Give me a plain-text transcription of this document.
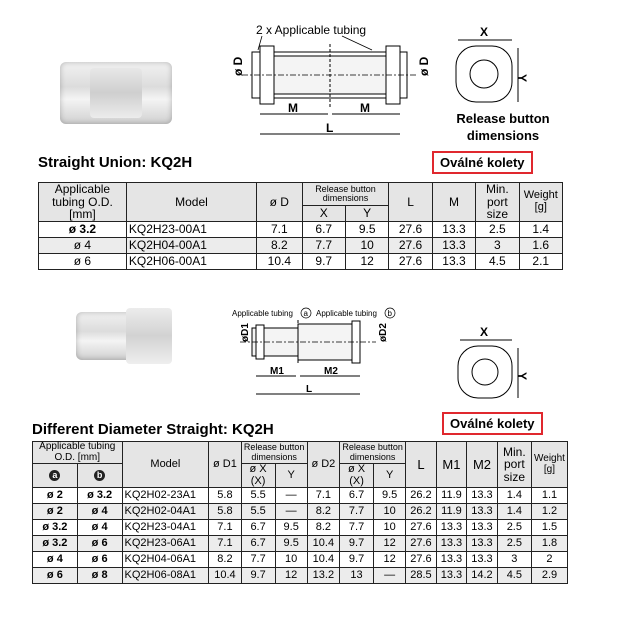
2 x Applicable tubing
ø D	ø D
M	M
L
X
Y
Release button
dimensions
Straight Union: KQ2H	Oválné kolety
Applicable tubing O.D. [mm]	Model	ø D	Release button dimensions		L	M	Min. port size	Weight [g]
			X	Y				
ø 3.2	KQ2H23-00A1	7.1	6.7	9.5	27.6	13.3	2.5	1.4
ø 4	KQ2H04-00A1	8.2	7.7	10	27.6	13.3	3	1.6
ø 6	KQ2H06-00A1	10.4	9.7	12	27.6	13.3	4.5	2.1
Applicable tubing a Applicable tubing b
øD1	øD2
M1	M2
L
X
Y
Different Diameter Straight: KQ2H	Oválné kolety
Applicable tubing O.D. [mm]		Model	ø D1	Release button dimensions		ø D2	Release button dimensions		L	M1	M2	Min. port size	Weight [g]
a	b			ø X (X)	Y		ø X (X)	Y					

ø 2	ø 3.2	KQ2H02-23A1	5.8	5.5	—	7.1	6.7	9.5	26.2	11.9	13.3	1.4	1.1
ø 2	ø 4	KQ2H02-04A1	5.8	5.5	—	8.2	7.7	10	26.2	11.9	13.3	1.4	1.2
ø 3.2	ø 4	KQ2H23-04A1	7.1	6.7	9.5	8.2	7.7	10	27.6	13.3	13.3	2.5	1.5
ø 3.2	ø 6	KQ2H23-06A1	7.1	6.7	9.5	10.4	9.7	12	27.6	13.3	13.3	2.5	1.8
ø 4	ø 6	KQ2H04-06A1	8.2	7.7	10	10.4	9.7	12	27.6	13.3	13.3	3	2
ø 6	ø 8	KQ2H06-08A1	10.4	9.7	12	13.2	13	—	28.5	13.3	14.2	4.5	2.9
